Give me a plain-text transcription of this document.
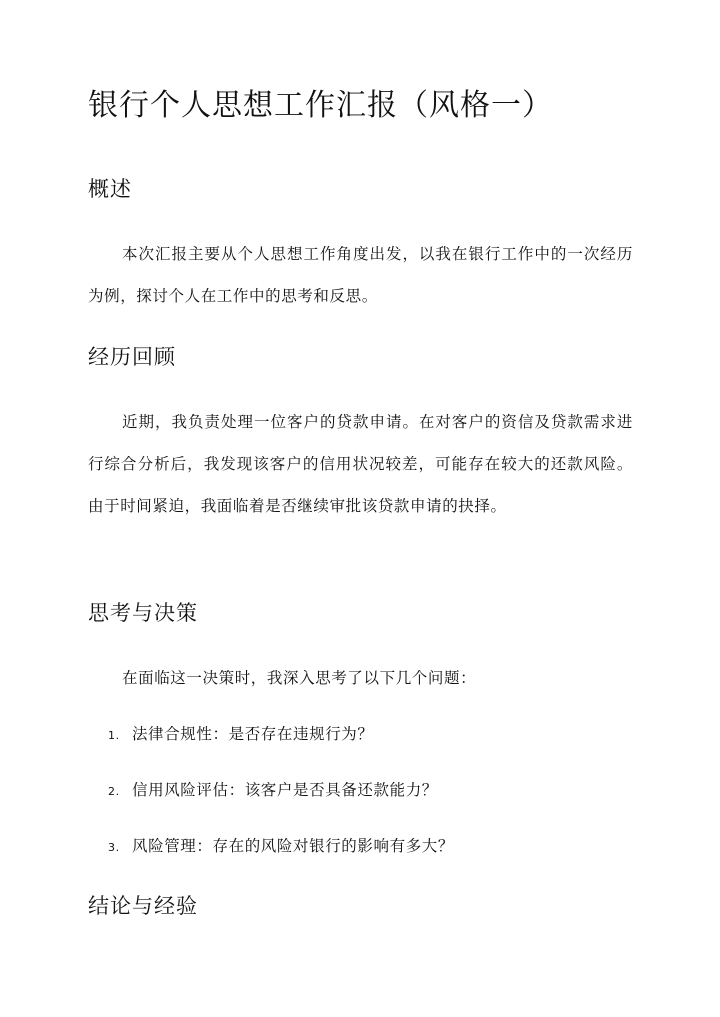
银行个人思想工作汇报（风格一）
概述

本次汇报主要从个人思想工作角度出发，以我在银行工作中的一次经历为例，探讨个人在工作中的思考和反思。

经历回顾

近期，我负责处理一位客户的贷款申请。在对客户的资信及贷款需求进行综合分析后，我发现该客户的信用状况较差，可能存在较大的还款风险。由于时间紧迫，我面临着是否继续审批该贷款申请的抉择。

思考与决策

在面临这一决策时，我深入思考了以下几个问题：

1. 法律合规性：是否存在违规行为？
2. 信用风险评估：该客户是否具备还款能力？
3. 风险管理：存在的风险对银行的影响有多大？
结论与经验
